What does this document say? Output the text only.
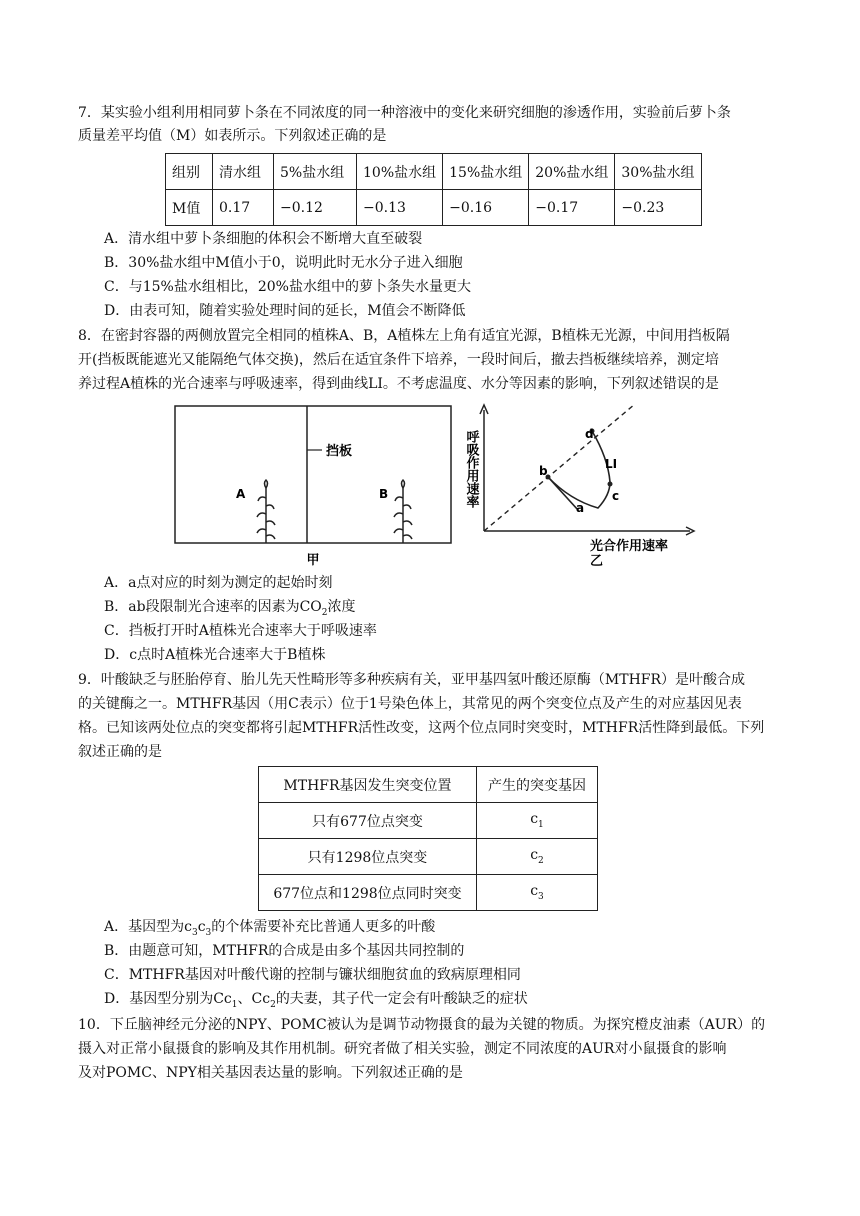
7．某实验小组利用相同萝卜条在不同浓度的同一种溶液中的变化来研究细胞的渗透作用，实验前后萝卜条
质量差平均值（M）如表所示。下列叙述正确的是
组别	清水组	5%盐水组	10%盐水组	15%盐水组	20%盐水组	30%盐水组
M值	0.17	−0.12	−0.13	−0.16	−0.17	−0.23
A．清水组中萝卜条细胞的体积会不断增大直至破裂
B．30%盐水组中M值小于0，说明此时无水分子进入细胞
C．与15%盐水组相比，20%盐水组中的萝卜条失水量更大
D．由表可知，随着实验处理时间的延长，M值会不断降低
8．在密封容器的两侧放置完全相同的植株A、B，A植株左上角有适宜光源，B植株无光源，中间用挡板隔
开(挡板既能遮光又能隔绝气体交换)，然后在适宜条件下培养，一段时间后，撤去挡板继续培养，测定培
养过程A植株的光合速率与呼吸速率，得到曲线LI。不考虑温度、水分等因素的影响，下列叙述错误的是
挡板
A	B
甲
a
b
c
d
LI
呼吸作用速率
光合作用速率
乙
A．a点对应的时刻为测定的起始时刻
B．ab段限制光合速率的因素为$CO_2$浓度
C．挡板打开时A植株光合速率大于呼吸速率
D．c点时A植株光合速率大于B植株
9．叶酸缺乏与胚胎停育、胎儿先天性畸形等多种疾病有关，亚甲基四氢叶酸还原酶（MTHFR）是叶酸合成
的关键酶之一。MTHFR基因（用C表示）位于1号染色体上，其常见的两个突变位点及产生的对应基因见表
格。已知该两处位点的突变都将引起MTHFR活性改变，这两个位点同时突变时，MTHFR活性降到最低。下列
叙述正确的是
MTHFR基因发生突变位置	产生的突变基因
只有677位点突变	$c_1$
只有1298位点突变	$c_2$
677位点和1298位点同时突变	$c_3$
A．基因型为$c_3c_3$的个体需要补充比普通人更多的叶酸
B．由题意可知，MTHFR的合成是由多个基因共同控制的
C．MTHFR基因对叶酸代谢的控制与镰状细胞贫血的致病原理相同
D．基因型分别为$Cc_1$、$Cc_2$的夫妻，其子代一定会有叶酸缺乏的症状
10．下丘脑神经元分泌的NPY、POMC被认为是调节动物摄食的最为关键的物质。为探究橙皮油素（AUR）的
摄入对正常小鼠摄食的影响及其作用机制。研究者做了相关实验，测定不同浓度的AUR对小鼠摄食的影响
及对POMC、NPY相关基因表达量的影响。下列叙述正确的是
